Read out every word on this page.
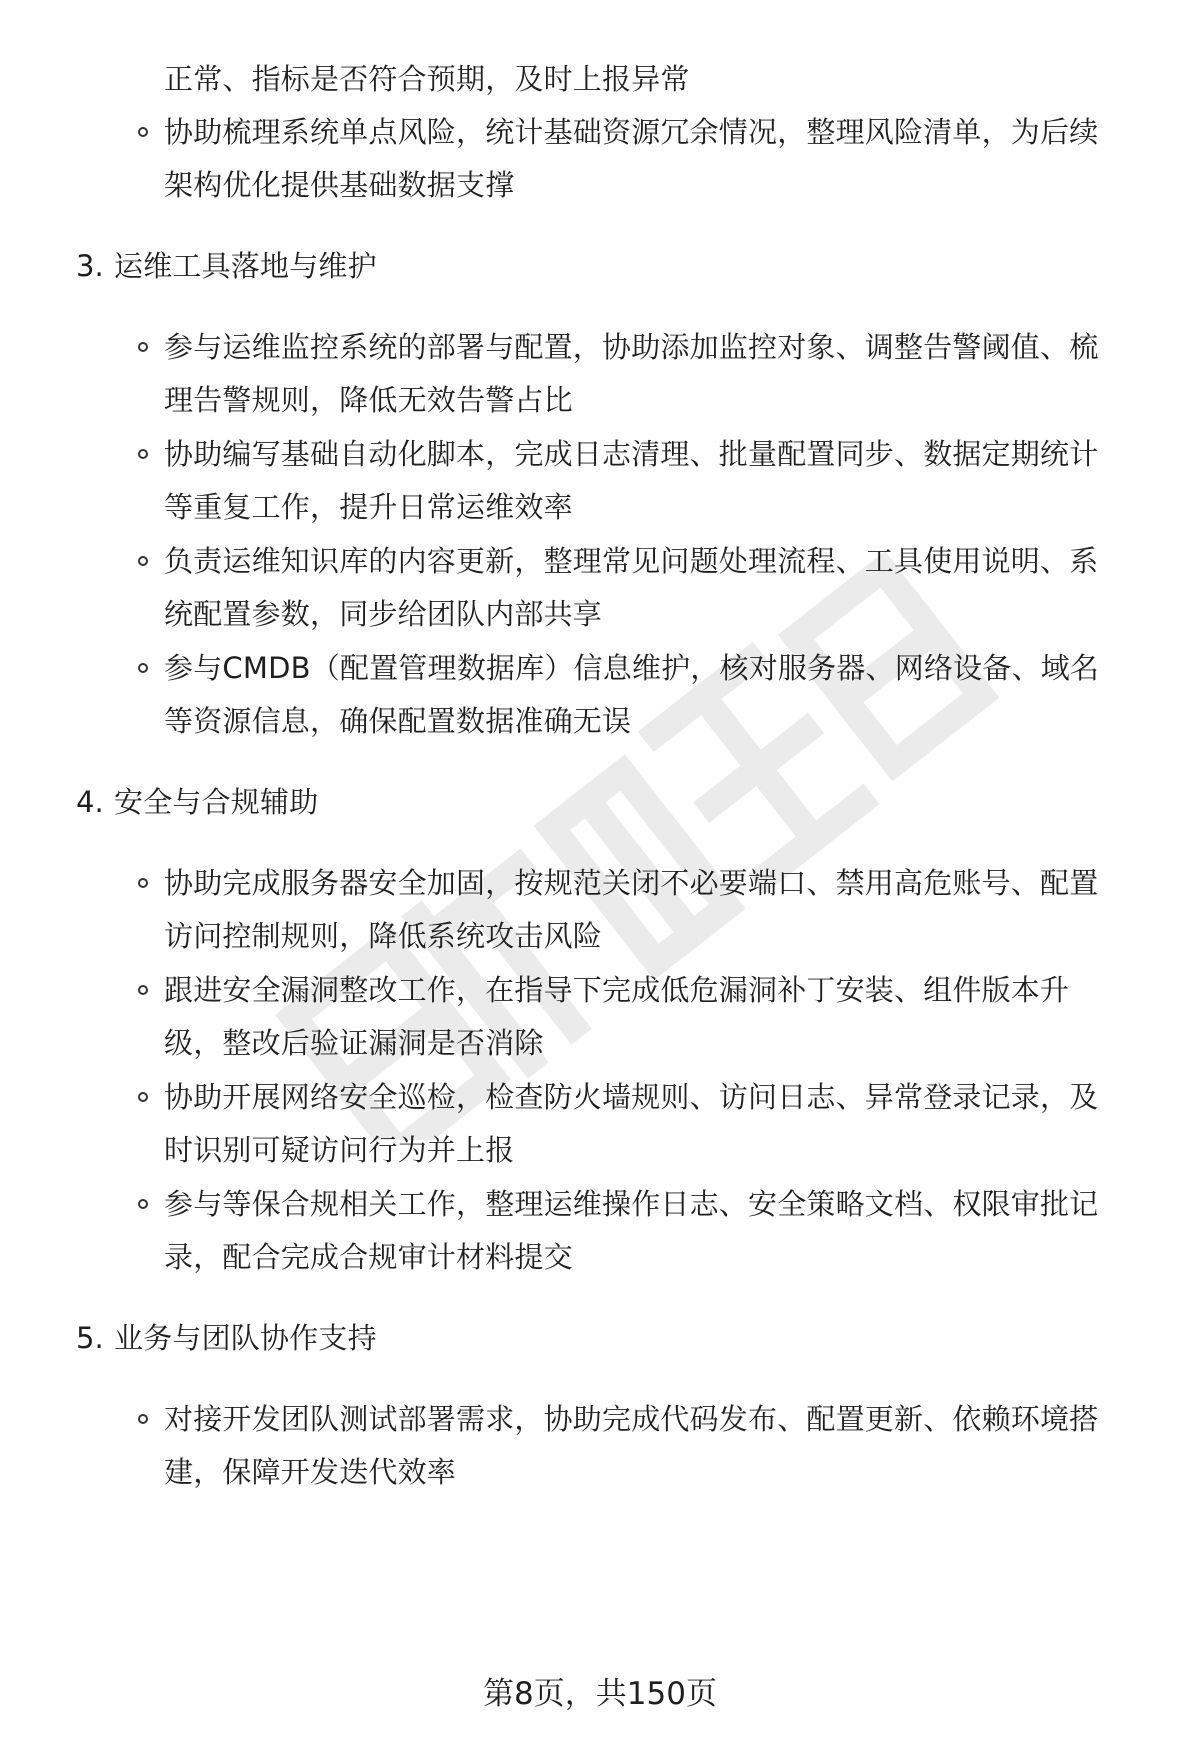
正常、指标是否符合预期，及时上报异常
协助梳理系统单点风险，统计基础资源冗余情况，整理风险清单，为后续
架构优化提供基础数据支撑
3. 运维工具落地与维护
参与运维监控系统的部署与配置，协助添加监控对象、调整告警阈值、梳
理告警规则，降低无效告警占比
协助编写基础自动化脚本，完成日志清理、批量配置同步、数据定期统计
等重复工作，提升日常运维效率
负责运维知识库的内容更新，整理常见问题处理流程、工具使用说明、系
统配置参数，同步给团队内部共享
参与CMDB（配置管理数据库）信息维护，核对服务器、网络设备、域名
等资源信息，确保配置数据准确无误
4. 安全与合规辅助
协助完成服务器安全加固，按规范关闭不必要端口、禁用高危账号、配置
访问控制规则，降低系统攻击风险
跟进安全漏洞整改工作，在指导下完成低危漏洞补丁安装、组件版本升
级，整改后验证漏洞是否消除
协助开展网络安全巡检，检查防火墙规则、访问日志、异常登录记录，及
时识别可疑访问行为并上报
参与等保合规相关工作，整理运维操作日志、安全策略文档、权限审批记
录，配合完成合规审计材料提交
5. 业务与团队协作支持
对接开发团队测试部署需求，协助完成代码发布、配置更新、依赖环境搭
建，保障开发迭代效率
第8页，共150页
